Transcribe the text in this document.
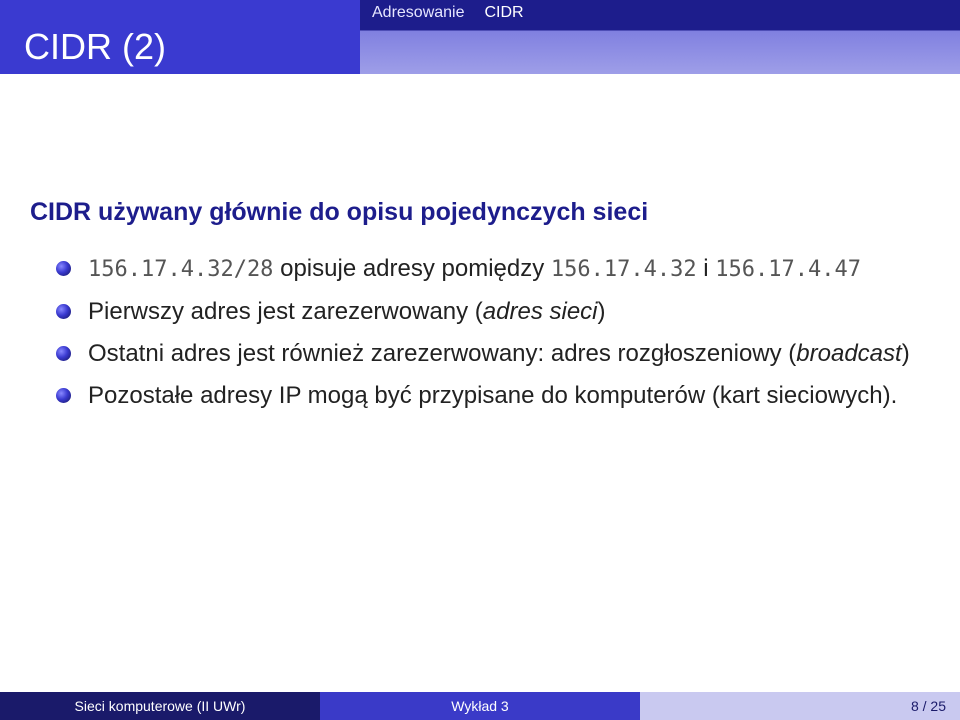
CIDR (2)
Adresowanie CIDR
CIDR używany głównie do opisu pojedynczych sieci
156.17.4.32/28 opisuje adresy pomiędzy 156.17.4.32 i 156.17.4.47
Pierwszy adres jest zarezerwowany (adres sieci)
Ostatni adres jest również zarezerwowany: adres rozgłoszeniowy (broadcast)
Pozostałe adresy IP mogą być przypisane do komputerów (kart sieciowych).
Sieci komputerowe (II UWr)	Wykład 3	8 / 25
